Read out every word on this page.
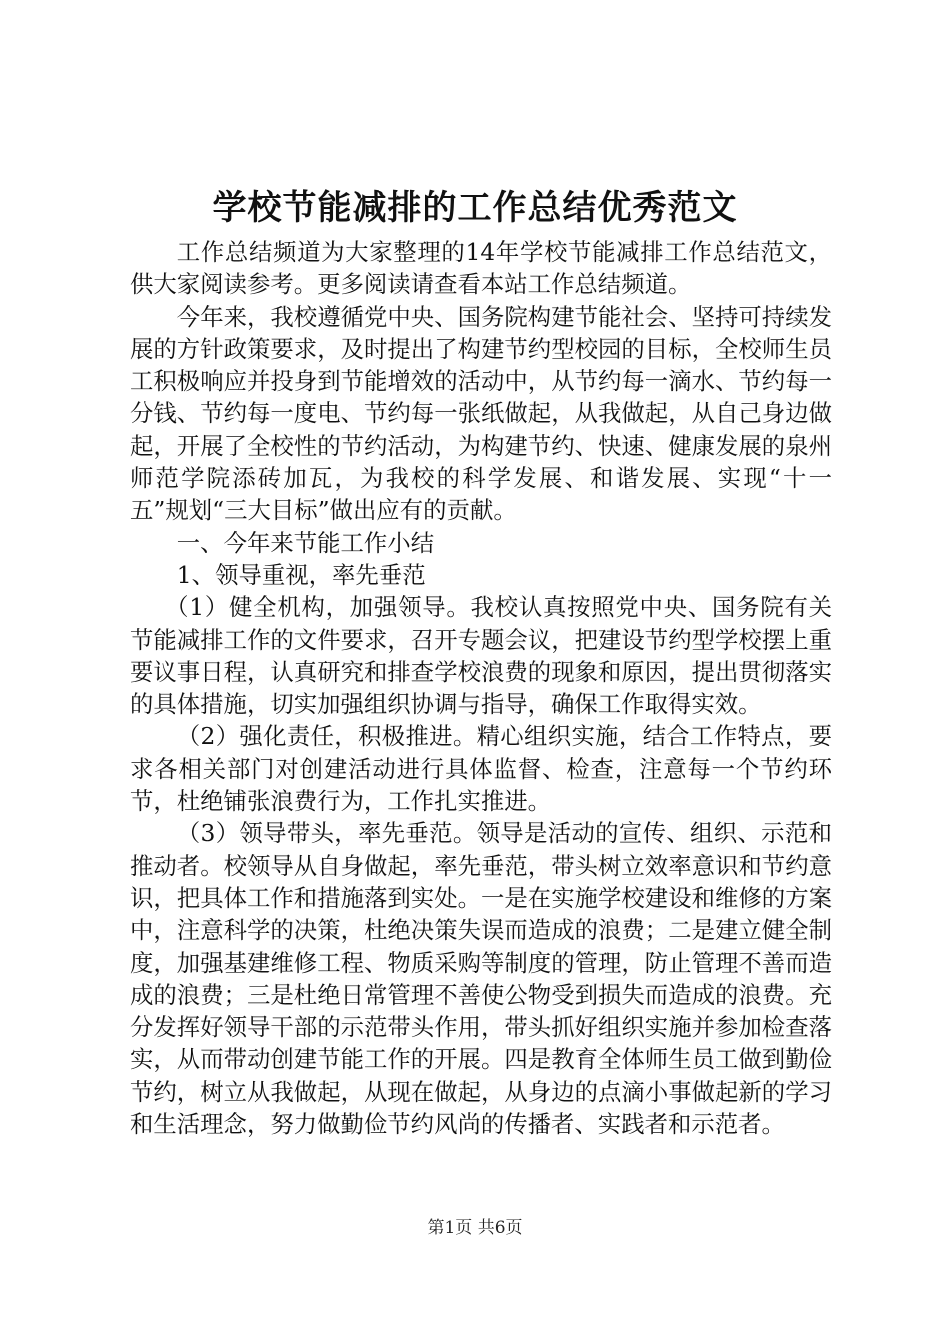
学校节能减排的工作总结优秀范文

工作总结频道为大家整理的14年学校节能减排工作总结范文，供大家阅读参考。更多阅读请查看本站工作总结频道。

今年来，我校遵循党中央、国务院构建节能社会、坚持可持续发展的方针政策要求，及时提出了构建节约型校园的目标，全校师生员工积极响应并投身到节能增效的活动中，从节约每一滴水、节约每一分钱、节约每一度电、节约每一张纸做起，从我做起，从自己身边做起，开展了全校性的节约活动，为构建节约、快速、健康发展的泉州师范学院添砖加瓦，为我校的科学发展、和谐发展、实现“十一五”规划“三大目标”做出应有的贡献。

一、今年来节能工作小结

1、领导重视，率先垂范

（1）健全机构，加强领导。我校认真按照党中央、国务院有关节能减排工作的文件要求，召开专题会议，把建设节约型学校摆上重要议事日程，认真研究和排查学校浪费的现象和原因，提出贯彻落实的具体措施，切实加强组织协调与指导，确保工作取得实效。

（2）强化责任，积极推进。精心组织实施，结合工作特点，要求各相关部门对创建活动进行具体监督、检查，注意每一个节约环节，杜绝铺张浪费行为，工作扎实推进。

（3）领导带头，率先垂范。领导是活动的宣传、组织、示范和推动者。校领导从自身做起，率先垂范，带头树立效率意识和节约意识，把具体工作和措施落到实处。一是在实施学校建设和维修的方案中，注意科学的决策，杜绝决策失误而造成的浪费；二是建立健全制度，加强基建维修工程、物质采购等制度的管理，防止管理不善而造成的浪费；三是杜绝日常管理不善使公物受到损失而造成的浪费。充分发挥好领导干部的示范带头作用，带头抓好组织实施并参加检查落实，从而带动创建节能工作的开展。四是教育全体师生员工做到勤俭节约，树立从我做起，从现在做起，从身边的点滴小事做起新的学习和生活理念，努力做勤俭节约风尚的传播者、实践者和示范者。

第1页 共6页
